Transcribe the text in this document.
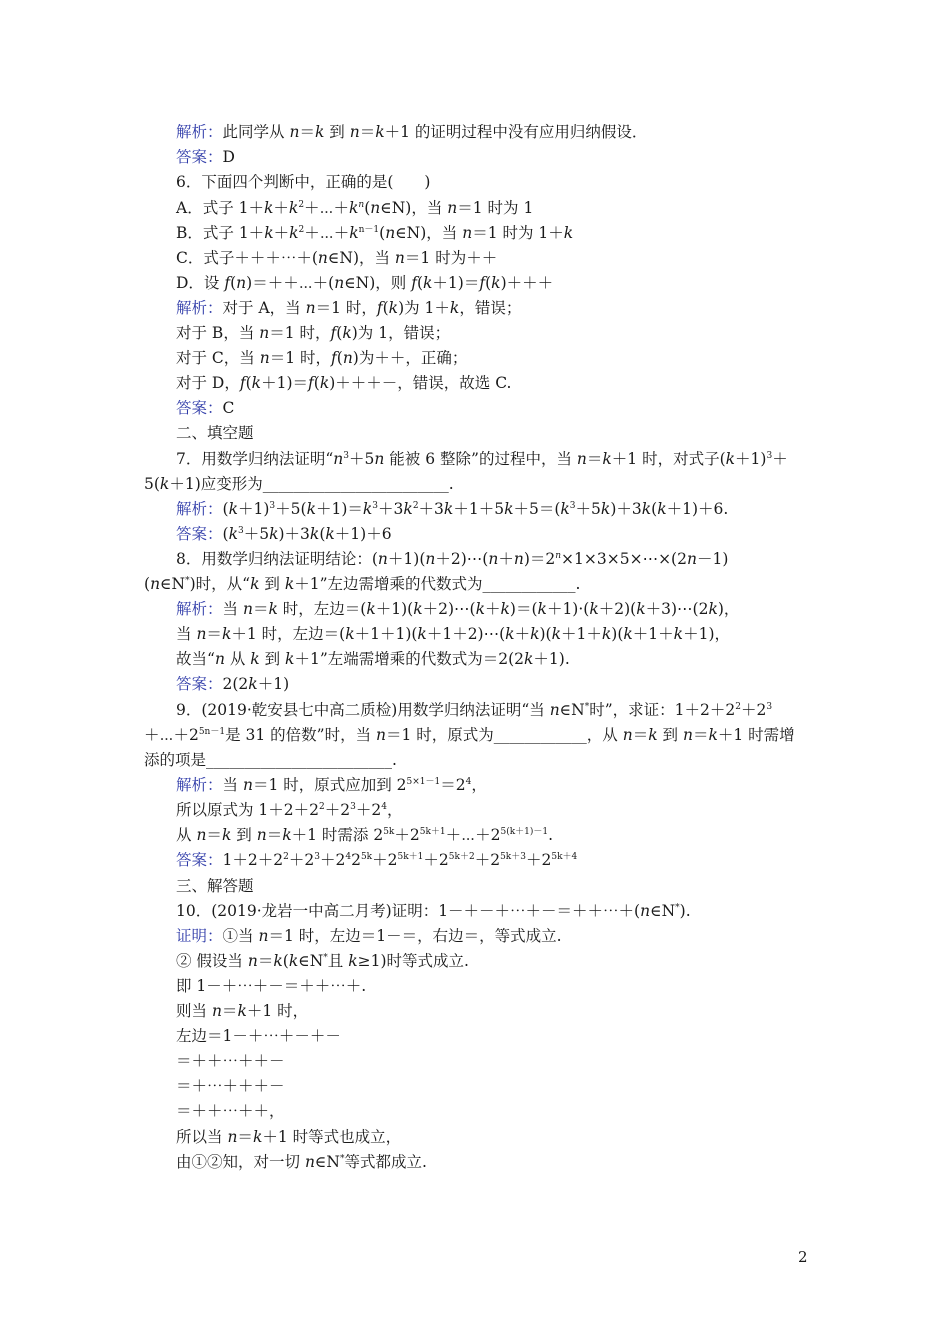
解析：此同学从 n＝k 到 n＝k＋1 的证明过程中没有应用归纳假设．
答案：D
6．下面四个判断中，正确的是(　　)
A．式子 $1+k+k^2+\cdots+k^n(n\in N)$，当 n＝1 时为 1
B．式子 $1+k+k^2+\cdots+k^{n-1}(n\in N)$，当 n＝1 时为 1＋k
C．式子＋＋＋⋯＋(n∈N)，当 n＝1 时为＋＋
D．设 f(n)＝＋＋⋯＋(n∈N)，则 f(k＋1)＝f(k)＋＋＋
解析：对于 A，当 n＝1 时，f(k)为 1＋k，错误；
对于 B，当 n＝1 时，f(k)为 1，错误；
对于 C，当 n＝1 时，f(n)为＋＋，正确；
对于 D，f(k＋1)＝f(k)＋＋＋－，错误，故选 C.
答案：C
二、填空题
7．用数学归纳法证明“$n^3+5n$ 能被 6 整除”的过程中，当 n＝k＋1 时，对式子$(k+1)^3+$
5(k＋1)应变形为________________________.
解析：$(k+1)^3+5(k+1)=k^3+3k^2+3k+1+5k+5=(k^3+5k)+3k(k+1)+6$.
答案：$(k^3+5k)+3k(k+1)+6$
8．用数学归纳法证明结论：$(n+1)(n+2)\cdots(n+n)=2^n\times 1\times 3\times 5\times\cdots\times(2n-1)$
(n∈N*)时，从“k 到 k＋1”左边需增乘的代数式为____________.
解析：当 n＝k 时，左边＝(k＋1)(k＋2)⋯(k＋k)＝(k＋1)·(k＋2)(k＋3)⋯(2k)，
当 n＝k＋1 时，左边＝(k＋1＋1)(k＋1＋2)⋯(k＋k)(k＋1＋k)(k＋1＋k＋1)，
故当“n 从 k 到 k＋1”左端需增乘的代数式为＝2(2k＋1).
答案：2(2k＋1)
9．(2019·乾安县七中高二质检)用数学归纳法证明“当 n∈N*时”，求证：$1+2+2^2+2^3$
$+\cdots+2^{5n-1}$是 31 的倍数”时，当 n＝1 时，原式为____________，从 n＝k 到 n＝k＋1 时需增
添的项是________________________.
解析：当 n＝1 时，原式应加到 $2^{5\times 1-1}=2^4$，
所以原式为 $1+2+2^2+2^3+2^4$，
从 n＝k 到 n＝k＋1 时需添 $2^{5k}+2^{5k+1}+\cdots+2^{5(k+1)-1}$.
答案：$1+2+2^2+2^3+2^42^{5k}+2^{5k+1}+2^{5k+2}+2^{5k+3}+2^{5k+4}$
三、解答题
10．(2019·龙岩一中高二月考)证明：1－＋－＋⋯＋－＝＋＋⋯＋(n∈N*).
证明：①当 n＝1 时，左边＝1－＝，右边＝，等式成立.
② 假设当 n＝k(k∈N*且 k≥1)时等式成立.
即 1－＋⋯＋－＝＋＋⋯＋.
则当 n＝k＋1 时，
左边＝1－＋⋯＋－＋－
＝＋＋⋯＋＋－
＝＋⋯＋＋＋－
＝＋＋⋯＋＋，
所以当 n＝k＋1 时等式也成立，
由①②知，对一切 n∈N*等式都成立.
2
